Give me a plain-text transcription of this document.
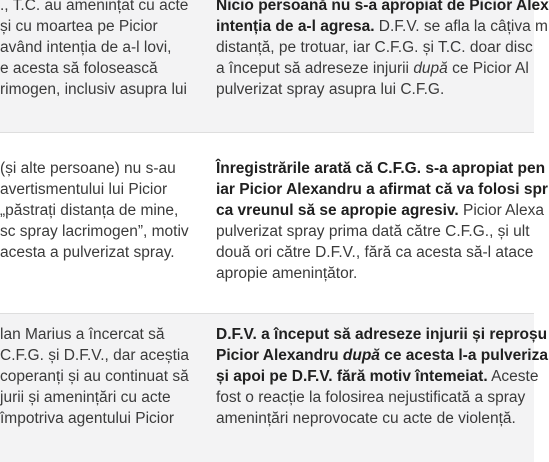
., T.C. au amenințat cu acte
și cu moartea pe Picior
având intenția de a-l lovi,
e acesta să folosească
rimogen, inclusiv asupra lui
Nicio persoană nu s-a apropiat de Picior Alex
intenția de a-l agresa. D.F.V. se afla la câțiva m
distanță, pe trotuar, iar C.F.G. și T.C. doar disc
a început să adreseze injurii după ce Picior Al
pulverizat spray asupra lui C.F.G.
(și alte persoane) nu s-au
avertismentului lui Picior
„păstrați distanța de mine,
sc spray lacrimogen”, motiv
acesta a pulverizat spray.
Înregistrările arată că C.F.G. s-a apropiat pen
iar Picior Alexandru a afirmat că va folosi spr
ca vreunul să se apropie agresiv. Picior Alexa
pulverizat spray prima dată către C.F.G., și ult
două ori către D.F.V., fără ca acesta să-l atace
apropie amenințător.
lan Marius a încercat să
C.F.G. și D.F.V., dar aceștia
coperanți și au continuat să
jurii și amenințări cu acte
împotriva agentului Picior
D.F.V. a început să adreseze injurii și reproșu
Picior Alexandru după ce acesta l-a pulveriza
și apoi pe D.F.V. fără motiv întemeiat. Aceste
fost o reacție la folosirea nejustificată a spray
amenințări neprovocate cu acte de violență.
